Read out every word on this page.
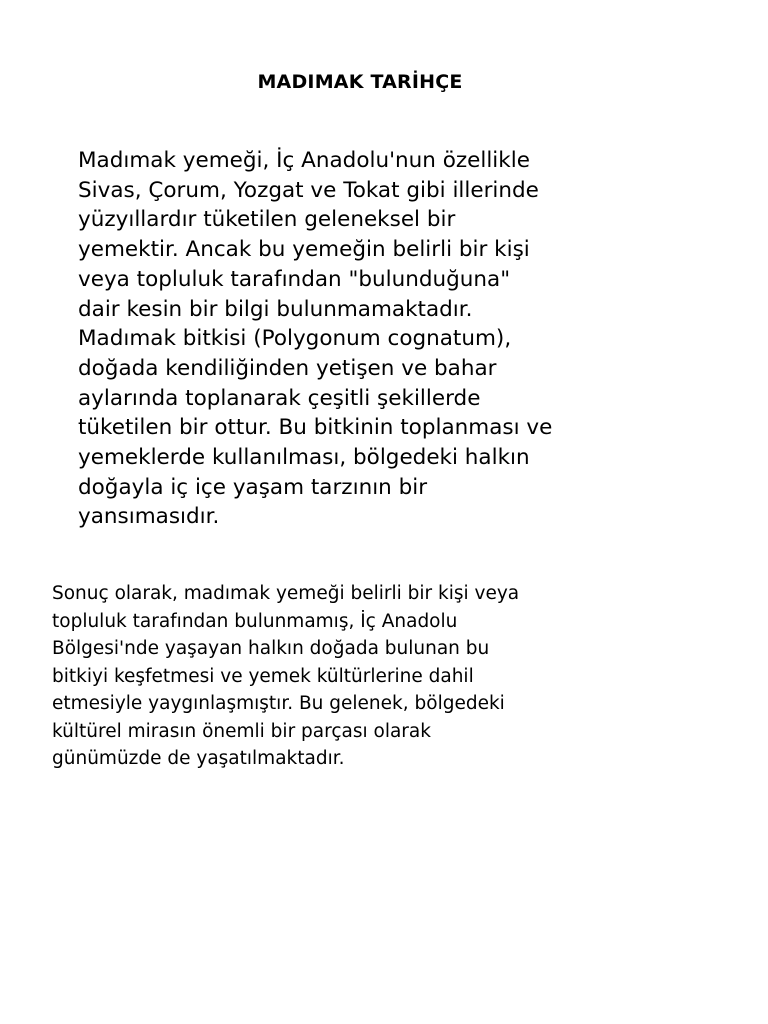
MADIMAK TARİHÇE

Madımak yemeği, İç Anadolu'nun özellikle
Sivas, Çorum, Yozgat ve Tokat gibi illerinde
yüzyıllardır tüketilen geleneksel bir
yemektir. Ancak bu yemeğin belirli bir kişi
veya topluluk tarafından "bulunduğuna"
dair kesin bir bilgi bulunmamaktadır.
Madımak bitkisi (Polygonum cognatum),
doğada kendiliğinden yetişen ve bahar
aylarında toplanarak çeşitli şekillerde
tüketilen bir ottur. Bu bitkinin toplanması ve
yemeklerde kullanılması, bölgedeki halkın
doğayla iç içe yaşam tarzının bir
yansımasıdır.

Sonuç olarak, madımak yemeği belirli bir kişi veya
topluluk tarafından bulunmamış, İç Anadolu
Bölgesi'nde yaşayan halkın doğada bulunan bu
bitkiyi keşfetmesi ve yemek kültürlerine dahil
etmesiyle yaygınlaşmıştır. Bu gelenek, bölgedeki
kültürel mirasın önemli bir parçası olarak
günümüzde de yaşatılmaktadır.
